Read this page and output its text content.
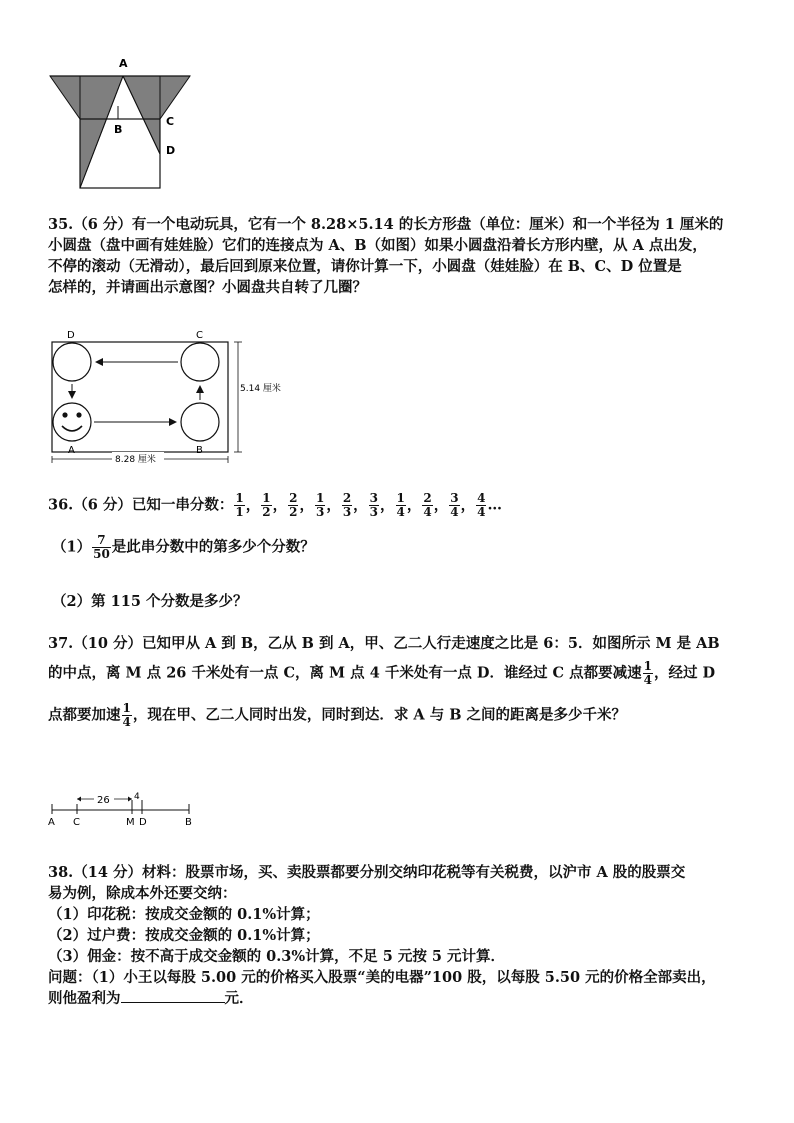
A
B
C
D
35.（6 分）有一个电动玩具，它有一个 8.28×5.14 的长方形盘（单位：厘米）和一个半径为 1 厘米的
小圆盘（盘中画有娃娃脸）它们的连接点为 A、B（如图）如果小圆盘沿着长方形内壁，从 A 点出发，
不停的滚动（无滑动），最后回到原来位置，请你计算一下，小圆盘（娃娃脸）在 B、C、D 位置是
怎样的，并请画出示意图？小圆盘共自转了几圈？
8.28 厘米
5.14 厘米
D	C
A	B
36.（6 分）已知一串分数： $\frac{1}{1}$ ， $\frac{1}{2}$ ， $\frac{2}{2}$ ， $\frac{1}{3}$ ， $\frac{2}{3}$ ， $\frac{3}{3}$ ， $\frac{1}{4}$ ， $\frac{2}{4}$ ， $\frac{3}{4}$ ， $\frac{4}{4}$ …
$(1) \frac{7}{50}$ 是此串分数中的第多少个分数？
（2）第 115 个分数是多少？
37.（10 分）已知甲从 A 到 B，乙从 B 到 A，甲、乙二人行走速度之比是 6：5．如图所示 M 是 AB
的中点，离 M 点 26 千米处有一点 C，离 M 点 4 千米处有一点 D．谁经过 C 点都要减速 $\frac{1}{4}$ ，经过 D
点都要加速 $\frac{1}{4}$ ，现在甲、乙二人同时出发，同时到达．求 A 与 B 之间的距离是多少千米？
26	4
A C	M D	B
38.（14 分）材料：股票市场，买、卖股票都要分别交纳印花税等有关税费，以沪市 A 股的股票交
易为例，除成本外还要交纳：
（1）印花税：按成交金额的 0.1%计算；
（2）过户费：按成交金额的 0.1%计算；
（3）佣金：按不高于成交金额的 0.3%计算，不足 5 元按 5 元计算．
问题：（1）小王以每股 5.00 元的价格买入股票“美的电器”100 股，以每股 5.50 元的价格全部卖出，
则他盈利为	元．
